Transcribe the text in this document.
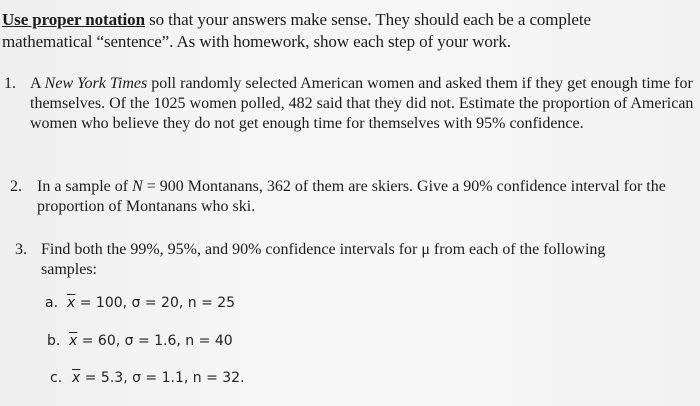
Use proper notation so that your answers make sense. They should each be a complete
mathematical “sentence”. As with homework, show each step of your work.
1. A New York Times poll randomly selected American women and asked them if they get enough time for themselves. Of the 1025 women polled, 482 said that they did not. Estimate the proportion of American women who believe they do not get enough time for themselves with 95% confidence.
2. In a sample of N = 900 Montanans, 362 of them are skiers. Give a 90% confidence interval for the proportion of Montanans who ski.
3. Find both the 99%, 95%, and 90% confidence intervals for μ from each of the following samples:
a. $\overline{x} = 100$, σ = 20, n = 25
b. $\overline{x} = 60$, σ = 1.6, n = 40
c. $\overline{x} = 5.3$, σ = 1.1, n = 32.
